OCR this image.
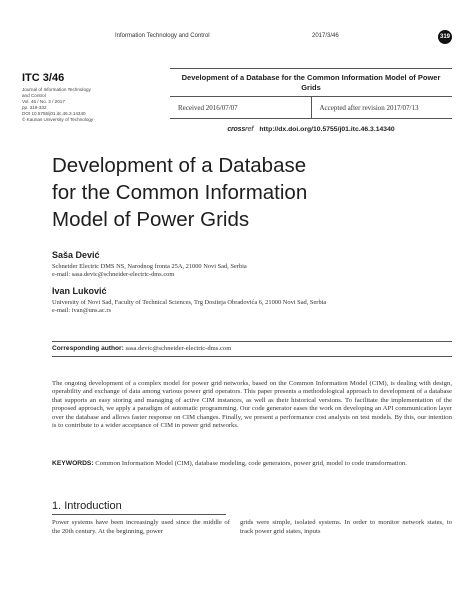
Information Technology and Control	2017/3/46	319
ITC 3/46
Journal of Information Technology
and Control
Vol. 46 / No. 3 / 2017
pp. 319-332
DOI 10.5755/j01.itc.46.3.14340
© Kaunas University of Technology
Development of a Database for the Common Information Model of Power Grids
Received 2016/07/07	Accepted after revision 2017/07/13
crossref http://dx.doi.org/10.5755/j01.itc.46.3.14340
Development of a Database
for the Common Information
Model of Power Grids
Saša Dević
Schneider Electric DMS NS, Narodnog fronta 25A, 21000 Novi Sad, Serbia
e-mail: sasa.devic@schneider-electric-dms.com
Ivan Luković
University of Novi Sad, Faculty of Technical Sciences, Trg Dositeja Obradovića 6, 21000 Novi Sad, Serbia
e-mail: ivan@uns.ac.rs
Corresponding author: sasa.devic@schneider-electric-dms.com
The ongoing development of a complex model for power grid networks, based on the Common Information Model (CIM), is dealing with design, operability and exchange of data among various power grid operators. This paper presents a methodological approach to development of a database that supports an easy storing and managing of active CIM instances, as well as their historical versions. To facilitate the implementation of the proposed approach, we apply a paradigm of automatic programming. Our code generator eases the work on developing an API communication layer over the database and allows faster response on CIM changes. Finally, we present a performance cost analysis on test models. By this, our intention is to contribute to a wider acceptance of CIM in power grid networks.
KEYWORDS: Common Information Model (CIM), database modeling, code generators, power grid, model to code transformation.
1. Introduction
Power systems have been increasingly used since the middle of the 20th century. At the beginning, power
grids were simple, isolated systems. In order to monitor network states, to track power grid states, inputs
